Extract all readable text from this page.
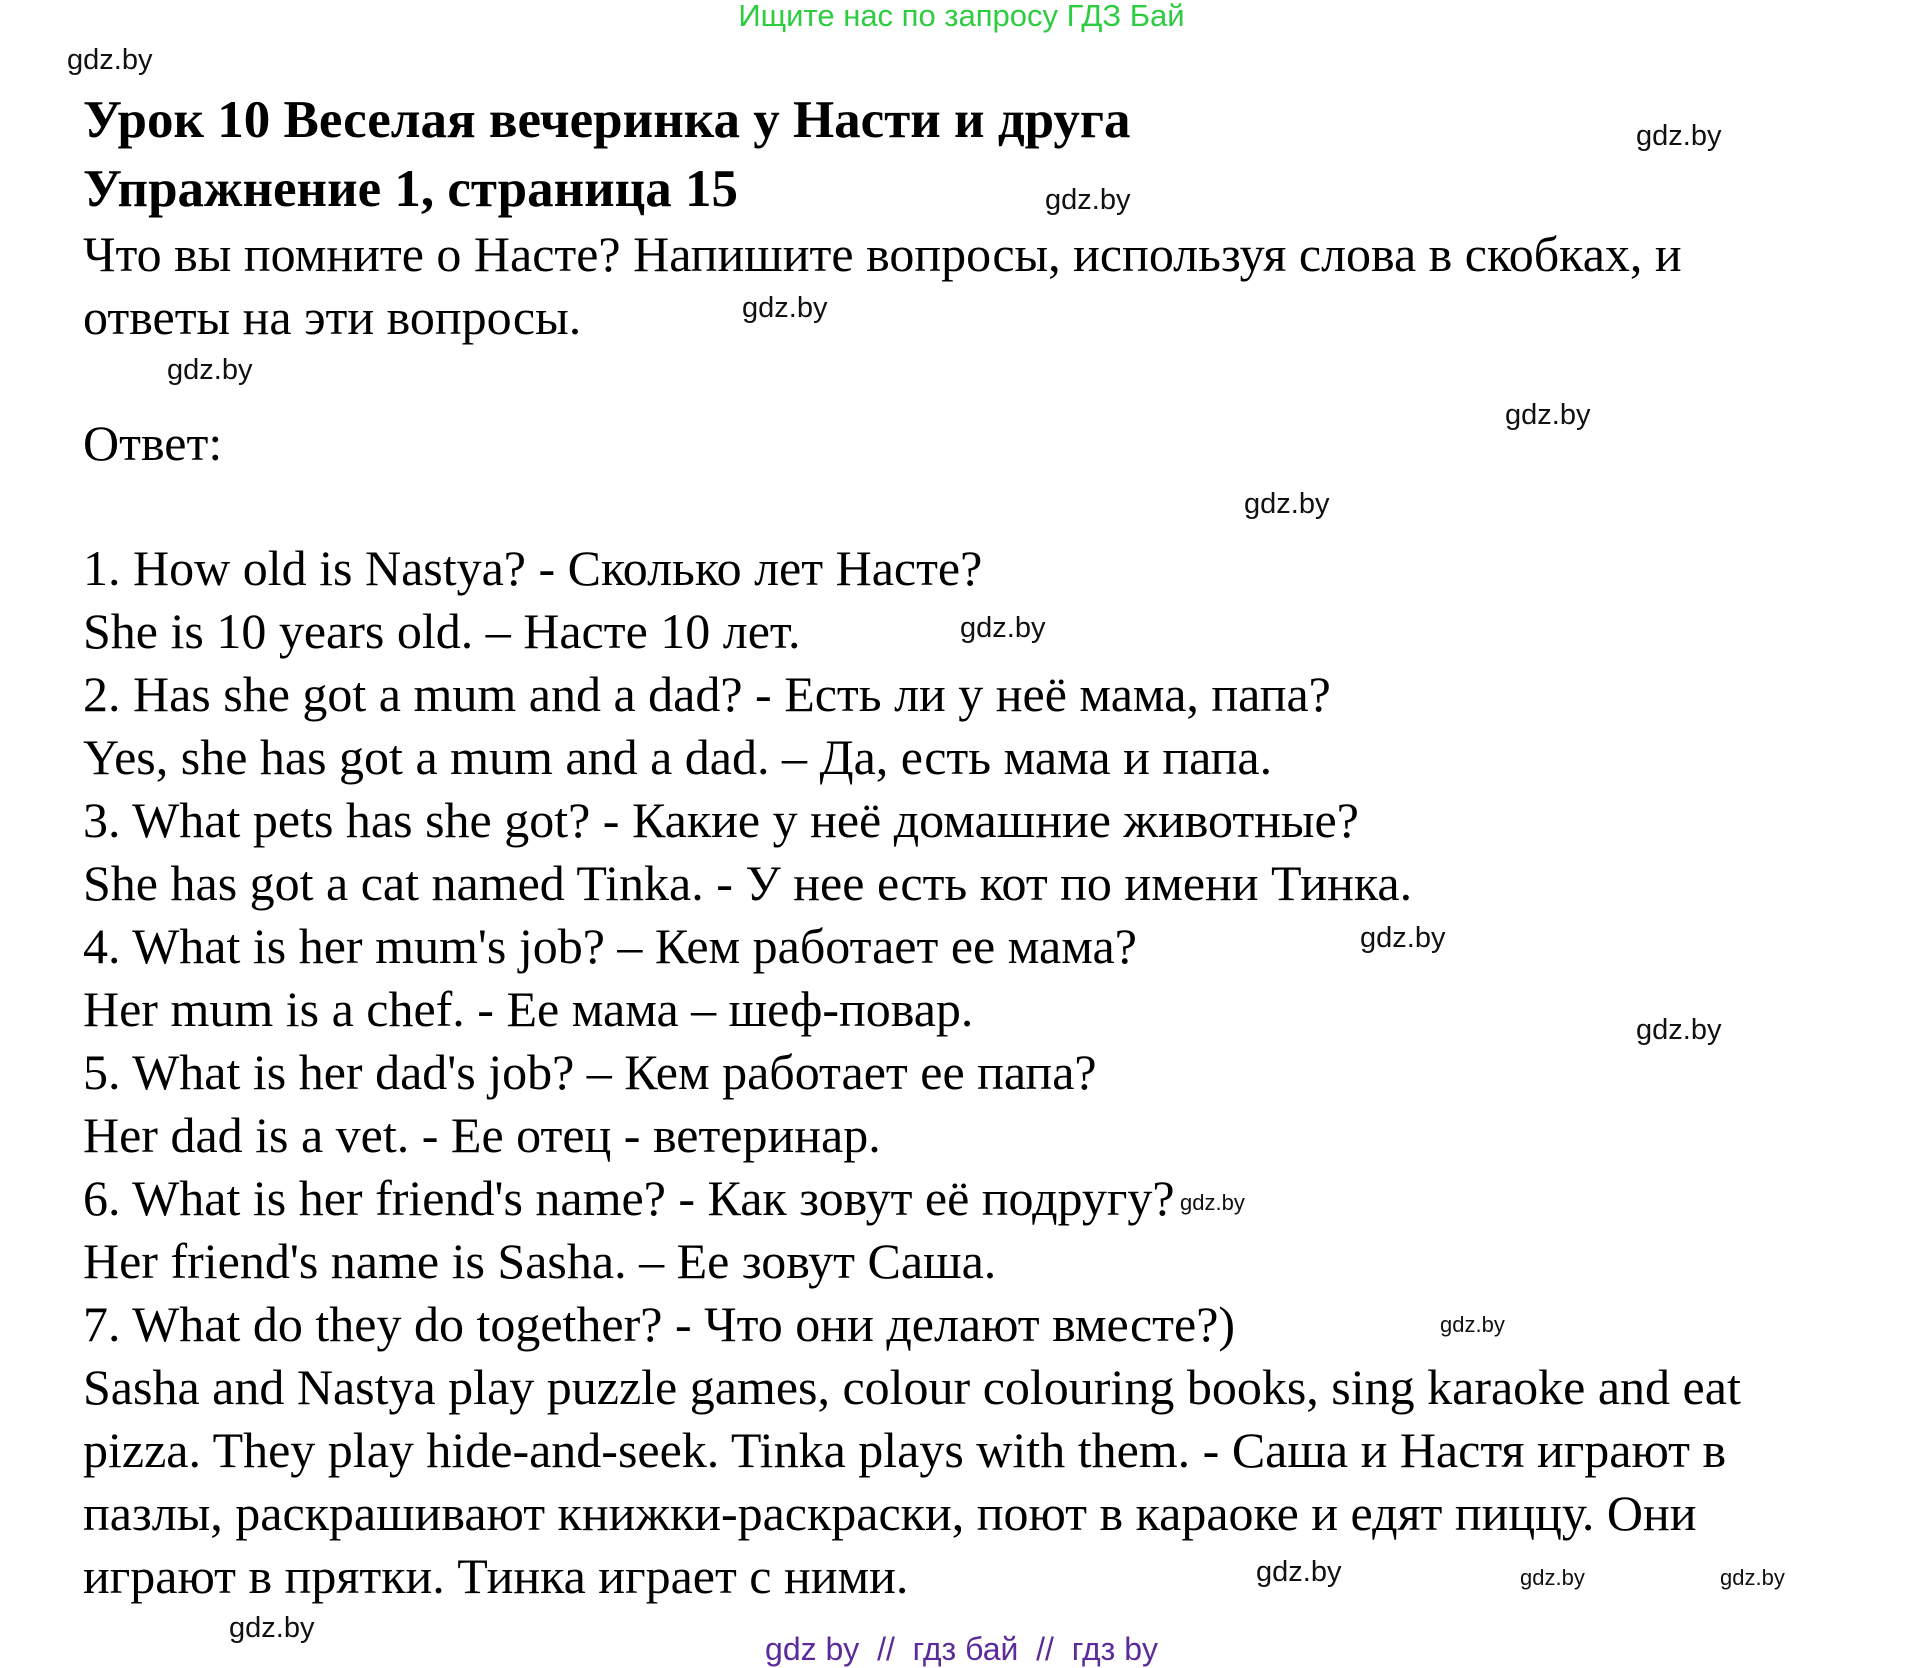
Ищите нас по запросу ГДЗ Бай
Урок 10 Веселая вечеринка у Насти и друга
Упражнение 1, страница 15
Что вы помните о Насте? Напишите вопросы, используя слова в скобках, и
ответы на эти вопросы.
Ответ:
1. How old is Nastya? - Сколько лет Насте?
She is 10 years old. – Насте 10 лет.
2. Has she got a mum and a dad? - Есть ли у неё мама, папа?
Yes, she has got a mum and a dad. – Да, есть мама и папа.
3. What pets has she got? - Какие у неё домашние животные?
She has got a cat named Tinka. - У нее есть кот по имени Тинка.
4. What is her mum's job? – Кем работает ее мама?
Her mum is a chef. - Ее мама – шеф-повар.
5. What is her dad's job? – Кем работает ее папа?
Her dad is a vet. - Ее отец - ветеринар.
6. What is her friend's name? - Как зовут её подругу?
Her friend's name is Sasha. – Ее зовут Саша.
7. What do they do together? - Что они делают вместе?)
Sasha and Nastya play puzzle games, colour colouring books, sing karaoke and eat
pizza. They play hide-and-seek. Tinka plays with them. - Саша и Настя играют в
пазлы, раскрашивают книжки-раскраски, поют в караоке и едят пиццу. Они
играют в прятки. Тинка играет с ними.
gdz.by
gdz.by
gdz.by
gdz.by
gdz.by
gdz.by
gdz.by
gdz.by
gdz.by
gdz.by
gdz.by
gdz.by
gdz.by	gdz.by
gdz.by
gdz.by
gdz by  //  гдз бай  //  гдз by
